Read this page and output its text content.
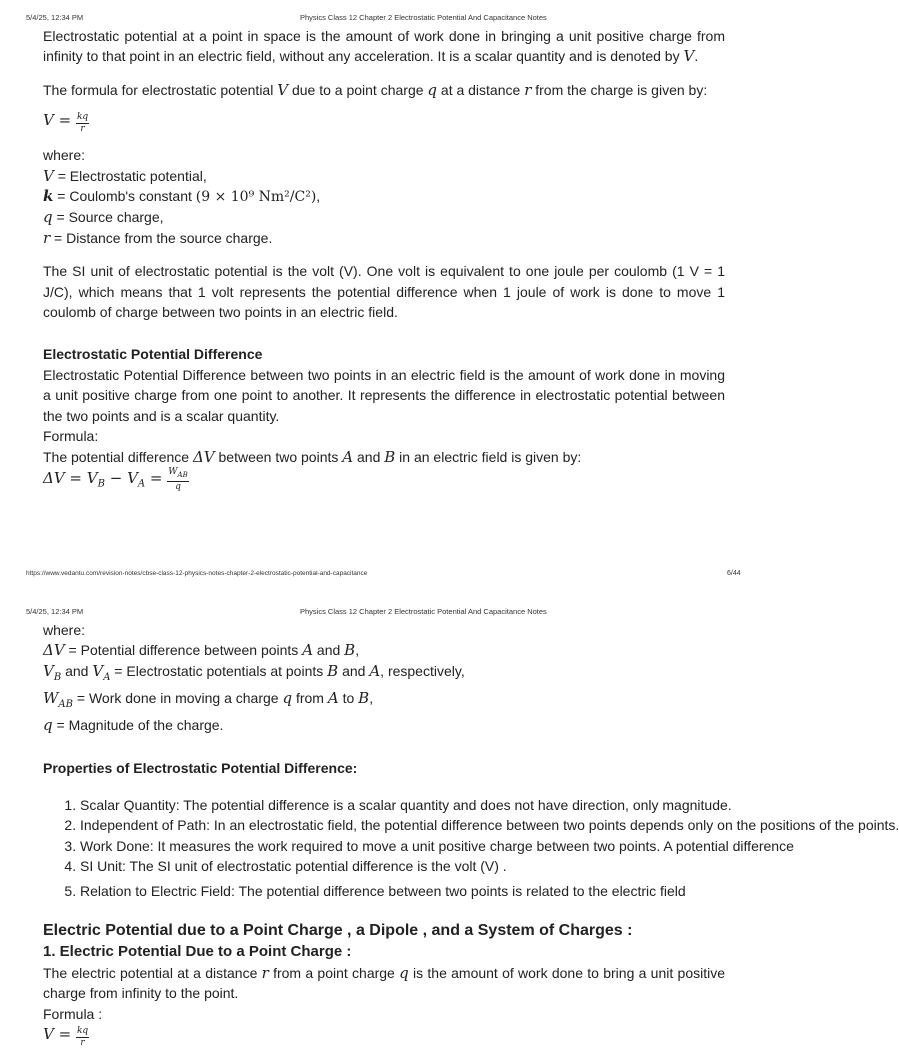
5/4/25, 12:34 PM	Physics Class 12 Chapter 2 Electrostatic Potential And Capacitance Notes

Electrostatic potential at a point in space is the amount of work done in bringing a unit positive charge from infinity to that point in an electric field, without any acceleration. It is a scalar quantity and is denoted by V.

The formula for electrostatic potential V due to a point charge q at a distance r from the charge is given by:

$V = \frac{kq}{r}$

where:

V = Electrostatic potential,

k = Coulomb's constant (9 × 10⁹ Nm²/C²),

q = Source charge,

r = Distance from the source charge.

The SI unit of electrostatic potential is the volt (V). One volt is equivalent to one joule per coulomb (1 V = 1 J/C), which means that 1 volt represents the potential difference when 1 joule of work is done to move 1 coulomb of charge between two points in an electric field.

Electrostatic Potential Difference

Electrostatic Potential Difference between two points in an electric field is the amount of work done in moving a unit positive charge from one point to another. It represents the difference in electrostatic potential between the two points and is a scalar quantity.

Formula:

The potential difference ΔV between two points A and B in an electric field is given by:

$\Delta V = V_B - V_A = \frac{W_{AB}}{q}$

https://www.vedantu.com/revision-notes/cbse-class-12-physics-notes-chapter-2-electrostatic-potential-and-capacitance	6/44
5/4/25, 12:34 PM	Physics Class 12 Chapter 2 Electrostatic Potential And Capacitance Notes

where:

ΔV = Potential difference between points A and B,

$V_B$ and $V_A$ = Electrostatic potentials at points B and A, respectively,

$W_{AB}$ = Work done in moving a charge q from A to B,

q = Magnitude of the charge.

Properties of Electrostatic Potential Difference:

1. Scalar Quantity: The potential difference is a scalar quantity and does not have direction, only magnitude.
2. Independent of Path: In an electrostatic field, the potential difference between two points depends only on the positions of the points.
3. Work Done: It measures the work required to move a unit positive charge between two points. A potential difference
4. SI Unit: The SI unit of electrostatic potential difference is the volt (V) .
5. Relation to Electric Field: The potential difference between two points is related to the electric field

Electric Potential due to a Point Charge , a Dipole , and a System of Charges :

1. Electric Potential Due to a Point Charge :

The electric potential at a distance r from a point charge q is the amount of work done to bring a unit positive charge from infinity to the point.

Formula :

$V = \frac{kq}{r}$
